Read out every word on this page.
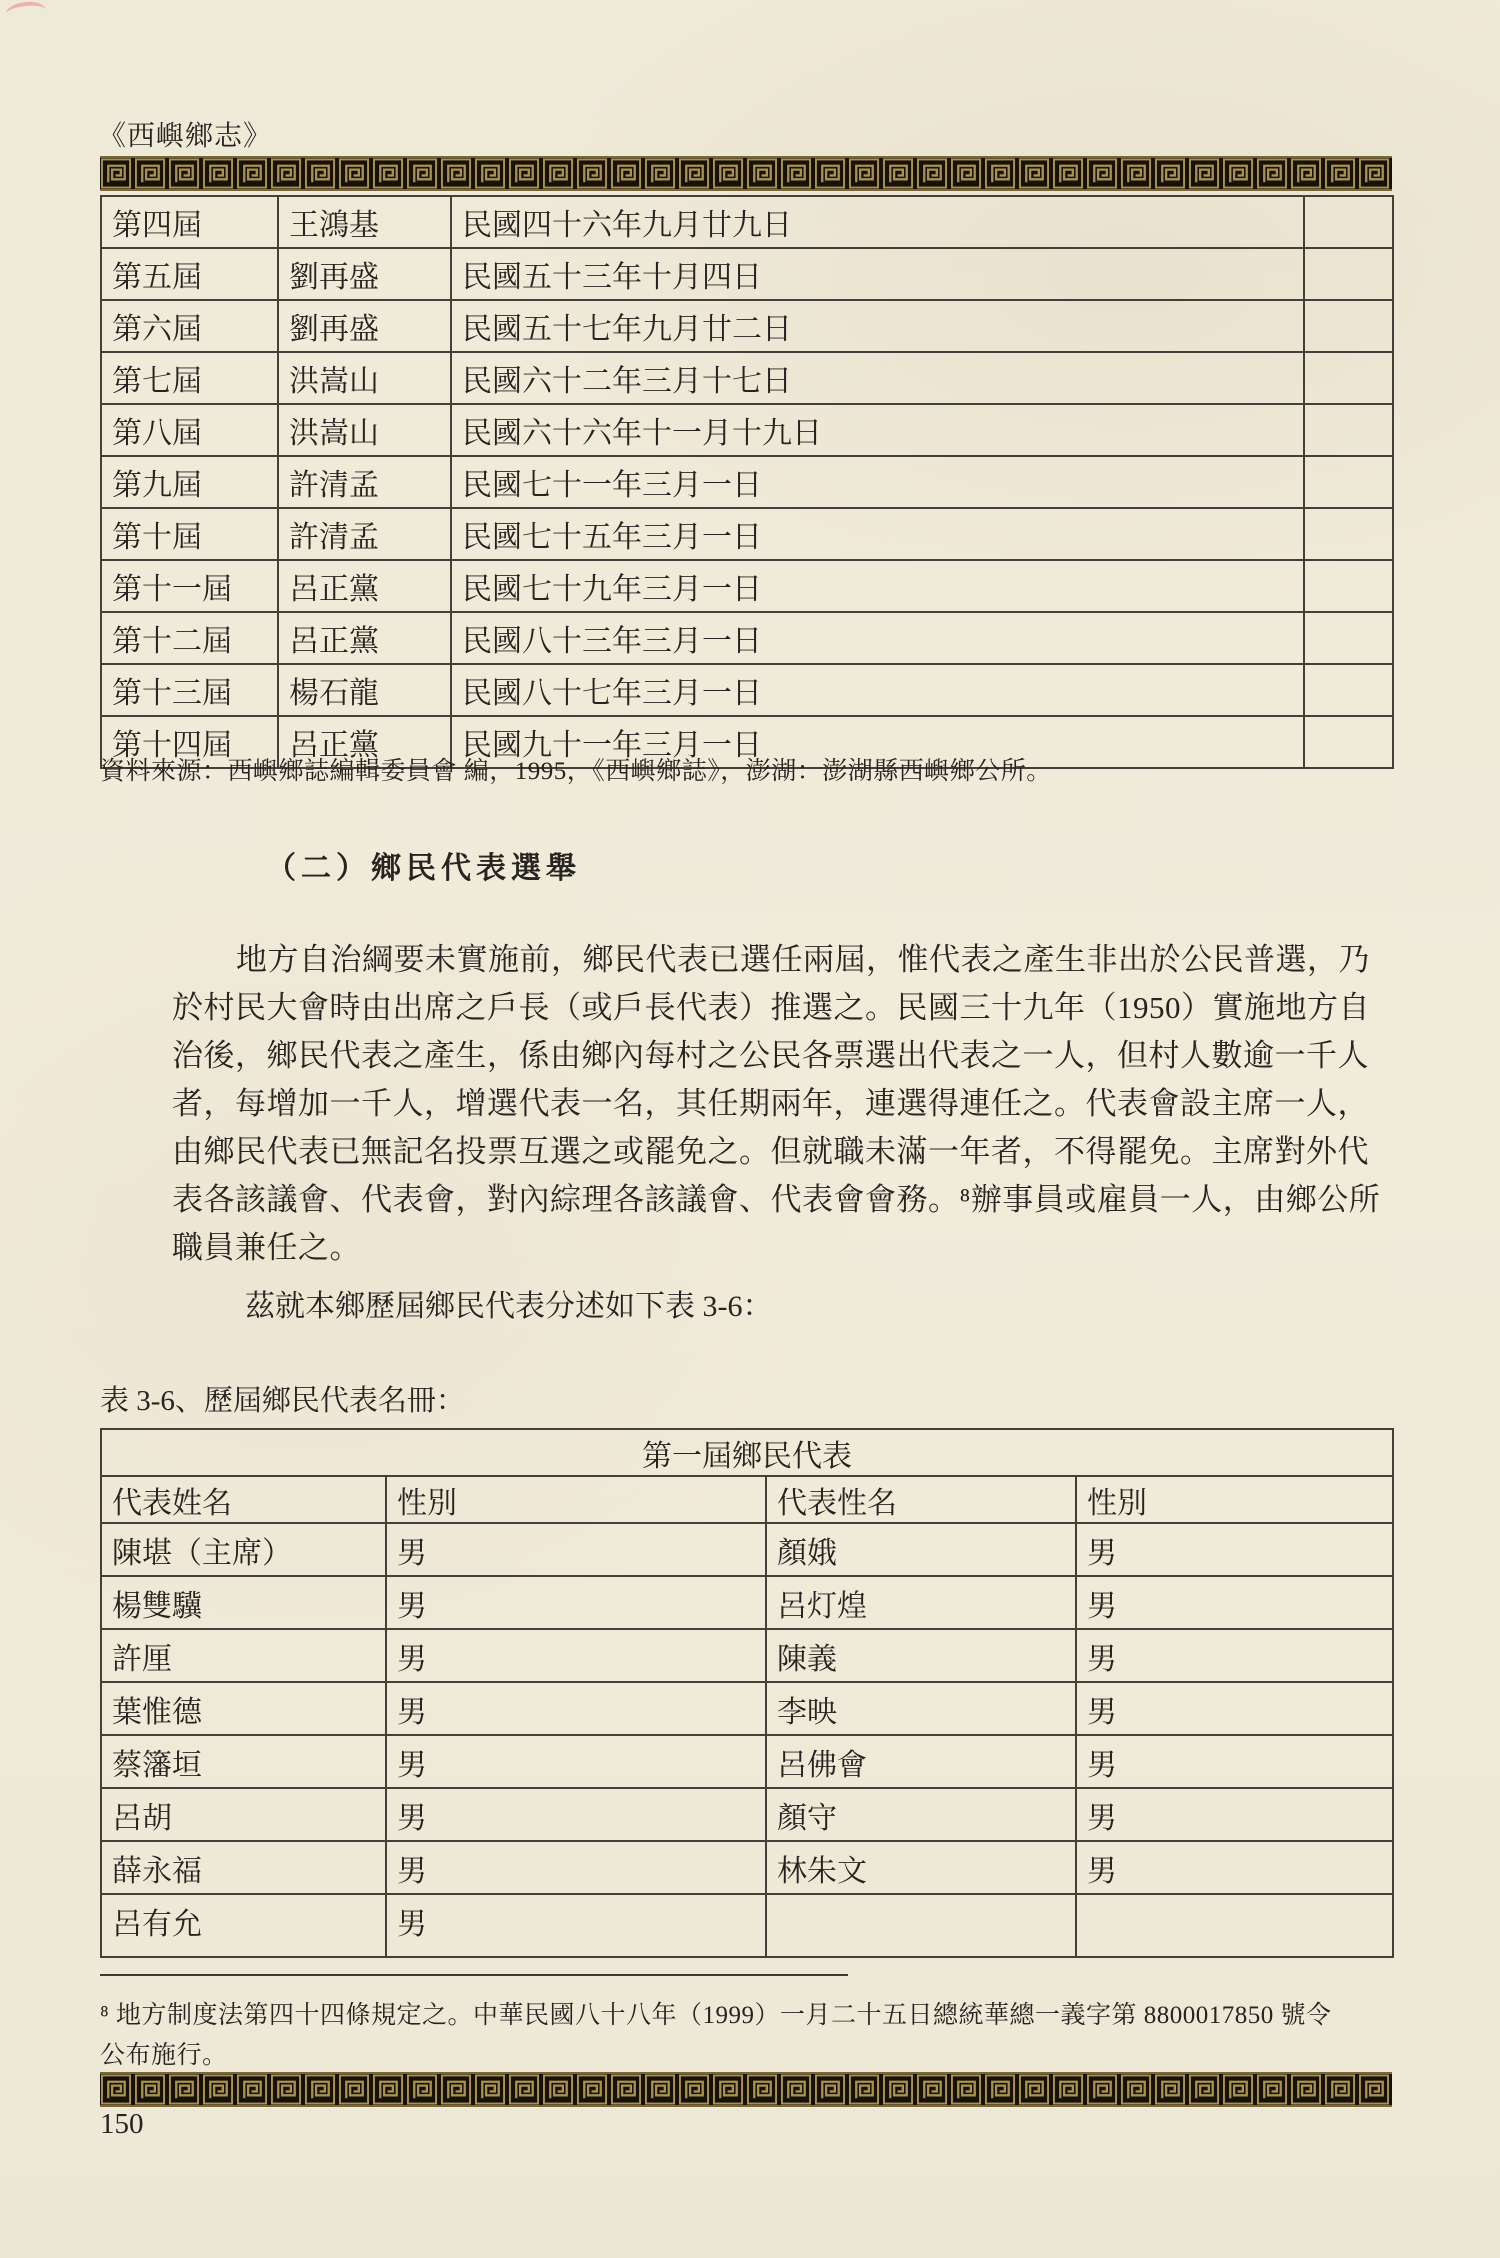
《西嶼鄉志》
第四屆	王鴻基	民國四十六年九月廿九日	
第五屆	劉再盛	民國五十三年十月四日	
第六屆	劉再盛	民國五十七年九月廿二日	
第七屆	洪嵩山	民國六十二年三月十七日	
第八屆	洪嵩山	民國六十六年十一月十九日	
第九屆	許清孟	民國七十一年三月一日	
第十屆	許清孟	民國七十五年三月一日	
第十一屆	呂正黨	民國七十九年三月一日	
第十二屆	呂正黨	民國八十三年三月一日	
第十三屆	楊石龍	民國八十七年三月一日	
第十四屆	呂正黨	民國九十一年三月一日	
資料來源：西嶼鄉誌編輯委員會 編，1995，《西嶼鄉誌》，澎湖：澎湖縣西嶼鄉公所。
（二）鄉民代表選舉
地方自治綱要未實施前，鄉民代表已選任兩屆，惟代表之產生非出於公民普選，乃
於村民大會時由出席之戶長（或戶長代表）推選之。民國三十九年（1950）實施地方自
治後，鄉民代表之產生，係由鄉內每村之公民各票選出代表之一人，但村人數逾一千人
者，每增加一千人，增選代表一名，其任期兩年，連選得連任之。代表會設主席一人，
由鄉民代表已無記名投票互選之或罷免之。但就職未滿一年者，不得罷免。主席對外代
表各該議會、代表會，對內綜理各該議會、代表會會務。⁸辦事員或雇員一人，由鄉公所
職員兼任之。
茲就本鄉歷屆鄉民代表分述如下表 3-6：
表 3-6、歷屆鄉民代表名冊：
第一屆鄉民代表			
代表姓名	性別	代表性名	性別
陳堪（主席）	男	顏娥	男
楊雙驥	男	呂灯煌	男
許厘	男	陳義	男
葉惟德	男	李映	男
蔡籓垣	男	呂佛會	男
呂胡	男	顏守	男
薛永福	男	林朱文	男
呂有允	男		
⁸ 地方制度法第四十四條規定之。中華民國八十八年（1999）一月二十五日總統華總一義字第 8800017850 號令
公布施行。
150
